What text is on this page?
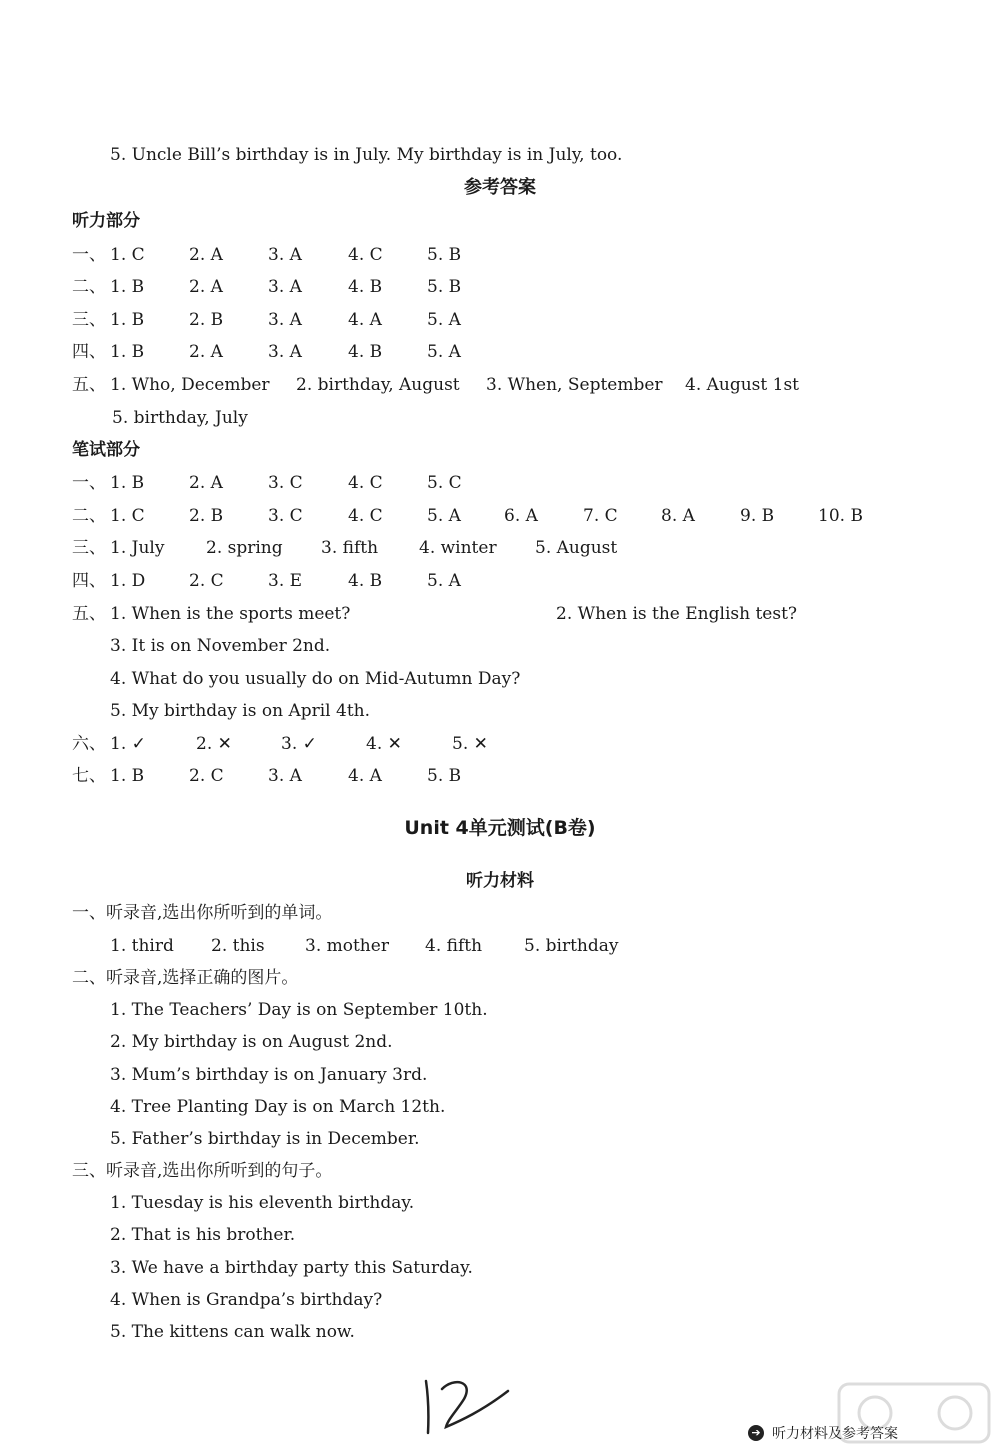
5. Uncle Bill’s birthday is in July. My birthday is in July, too.
参考答案
听力部分
一、 1. C	2. A	3. A	4. C	5. B
二、 1. B	2. A	3. A	4. B	5. B
三、 1. B	2. B	3. A	4. A	5. A
四、 1. B	2. A	3. A	4. B	5. A
五、 1. Who, December 2. birthday, August 3. When, September 4. August 1st
5. birthday, July
笔试部分
一、 1. B	2. A	3. C	4. C	5. C
二、 1. C	2. B	3. C	4. C	5. A	6. A	7. C	8. A	9. B	10. B
三、 1. July 2. spring 3. fifth 4. winter 5. August
四、 1. D	2. C	3. E	4. B	5. A
五、 1. When is the sports meet?	2. When is the English test?
3. It is on November 2nd.
4. What do you usually do on Mid-Autumn Day?
5. My birthday is on April 4th.
六、 1. ✓	2. ✕	3. ✓	4. ✕	5. ✕
七、 1. B	2. C	3. A	4. A	5. B
Unit 4单元测试(B卷)
听力材料
一、听录音,选出你所听到的单词。
1. third 2. this 3. mother 4. fifth 5. birthday
二、听录音,选择正确的图片。
1. The Teachers’ Day is on September 10th.
2. My birthday is on August 2nd.
3. Mum’s birthday is on January 3rd.
4. Tree Planting Day is on March 12th.
5. Father’s birthday is in December.
三、听录音,选出你所听到的句子。
1. Tuesday is his eleventh birthday.
2. That is his brother.
3. We have a birthday party this Saturday.
4. When is Grandpa’s birthday?
5. The kittens can walk now.
➔ 听力材料及参考答案
